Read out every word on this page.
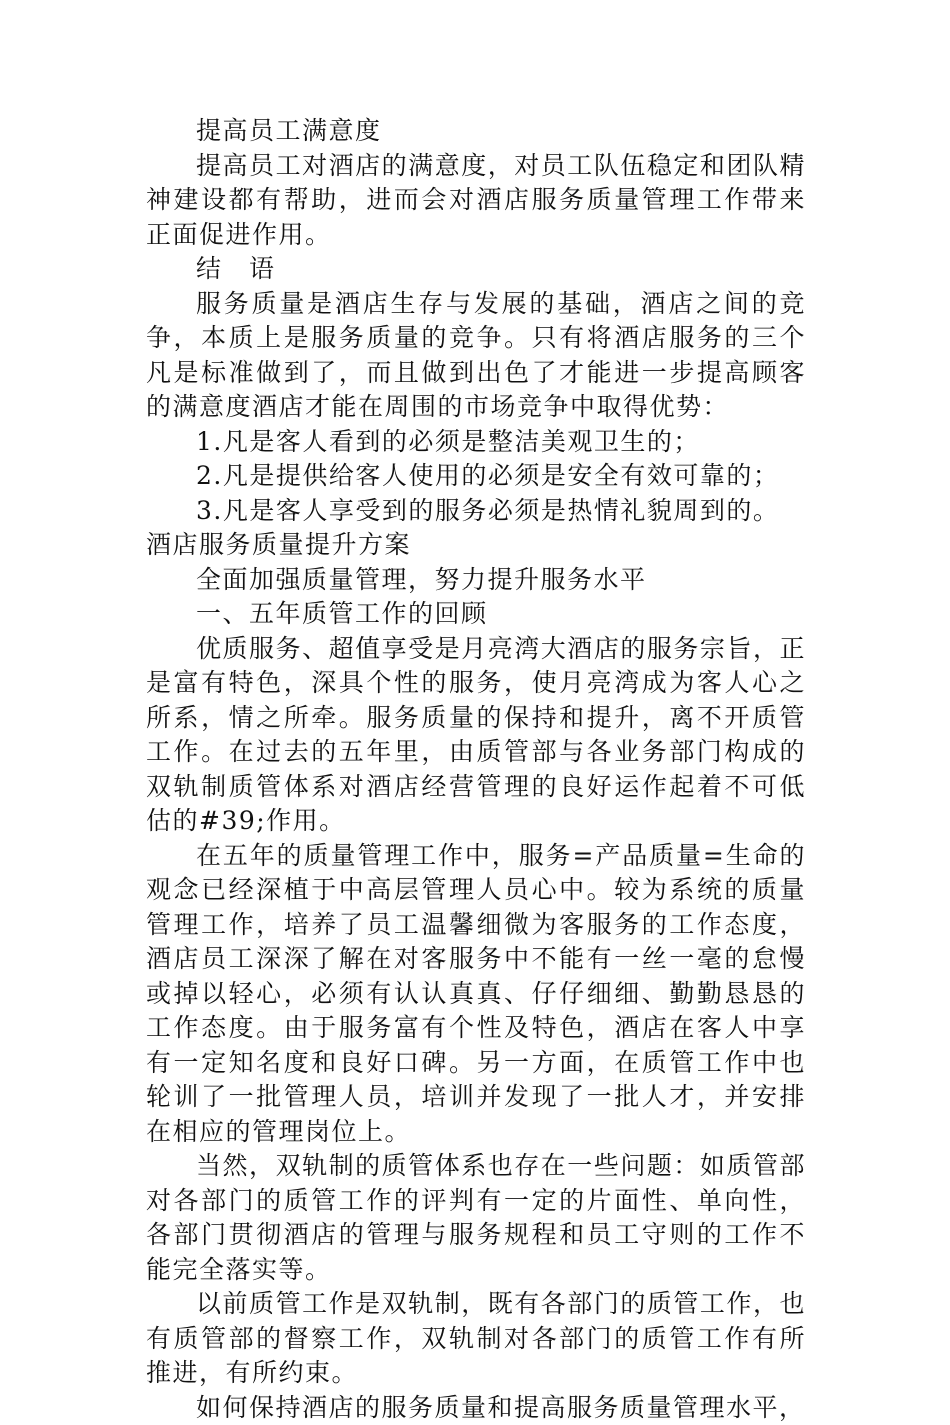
提高员工满意度

提高员工对酒店的满意度，对员工队伍稳定和团队精神建设都有帮助，进而会对酒店服务质量管理工作带来正面促进作用。

结　语

服务质量是酒店生存与发展的基础，酒店之间的竞争，本质上是服务质量的竞争。只有将酒店服务的三个凡是标准做到了，而且做到出色了才能进一步提高顾客的满意度酒店才能在周围的市场竞争中取得优势：

1.凡是客人看到的必须是整洁美观卫生的；

2.凡是提供给客人使用的必须是安全有效可靠的；

3.凡是客人享受到的服务必须是热情礼貌周到的。

酒店服务质量提升方案

全面加强质量管理，努力提升服务水平

一、五年质管工作的回顾

优质服务、超值享受是月亮湾大酒店的服务宗旨，正是富有特色，深具个性的服务，使月亮湾成为客人心之所系，情之所牵。服务质量的保持和提升，离不开质管工作。在过去的五年里，由质管部与各业务部门构成的双轨制质管体系对酒店经营管理的良好运作起着不可低估的#39;作用。

在五年的质量管理工作中，服务=产品质量=生命的观念已经深植于中高层管理人员心中。较为系统的质量管理工作，培养了员工温馨细微为客服务的工作态度，酒店员工深深了解在对客服务中不能有一丝一毫的怠慢或掉以轻心，必须有认认真真、仔仔细细、勤勤恳恳的工作态度。由于服务富有个性及特色，酒店在客人中享有一定知名度和良好口碑。另一方面，在质管工作中也轮训了一批管理人员，培训并发现了一批人才，并安排在相应的管理岗位上。

当然，双轨制的质管体系也存在一些问题：如质管部对各部门的质管工作的评判有一定的片面性、单向性，各部门贯彻酒店的管理与服务规程和员工守则的工作不能完全落实等。

以前质管工作是双轨制，既有各部门的质管工作，也有质管部的督察工作，双轨制对各部门的质管工作有所推进，有所约束。

如何保持酒店的服务质量和提高服务质量管理水平，
